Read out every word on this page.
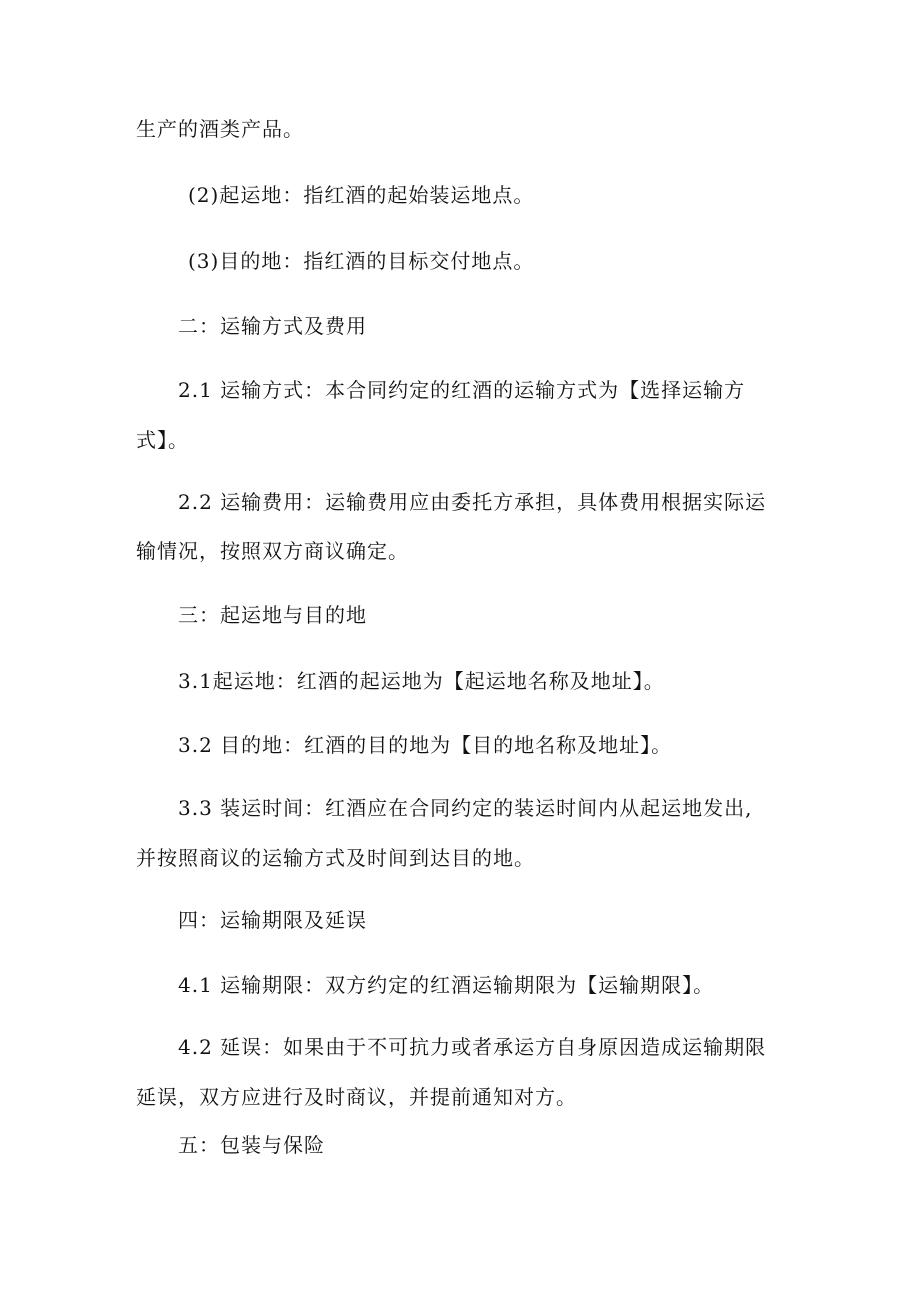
生产的酒类产品。
(2)起运地：指红酒的起始装运地点。
(3)目的地：指红酒的目标交付地点。
二：运输方式及费用
2.1 运输方式：本合同约定的红酒的运输方式为【选择运输方
式】。
2.2 运输费用：运输费用应由委托方承担，具体费用根据实际运
输情况，按照双方商议确定。
三：起运地与目的地
3.1起运地：红酒的起运地为【起运地名称及地址】。
3.2 目的地：红酒的目的地为【目的地名称及地址】。
3.3 装运时间：红酒应在合同约定的装运时间内从起运地发出,
并按照商议的运输方式及时间到达目的地。
四：运输期限及延误
4.1 运输期限：双方约定的红酒运输期限为【运输期限】。
4.2 延误：如果由于不可抗力或者承运方自身原因造成运输期限
延误，双方应进行及时商议，并提前通知对方。
五：包装与保险
